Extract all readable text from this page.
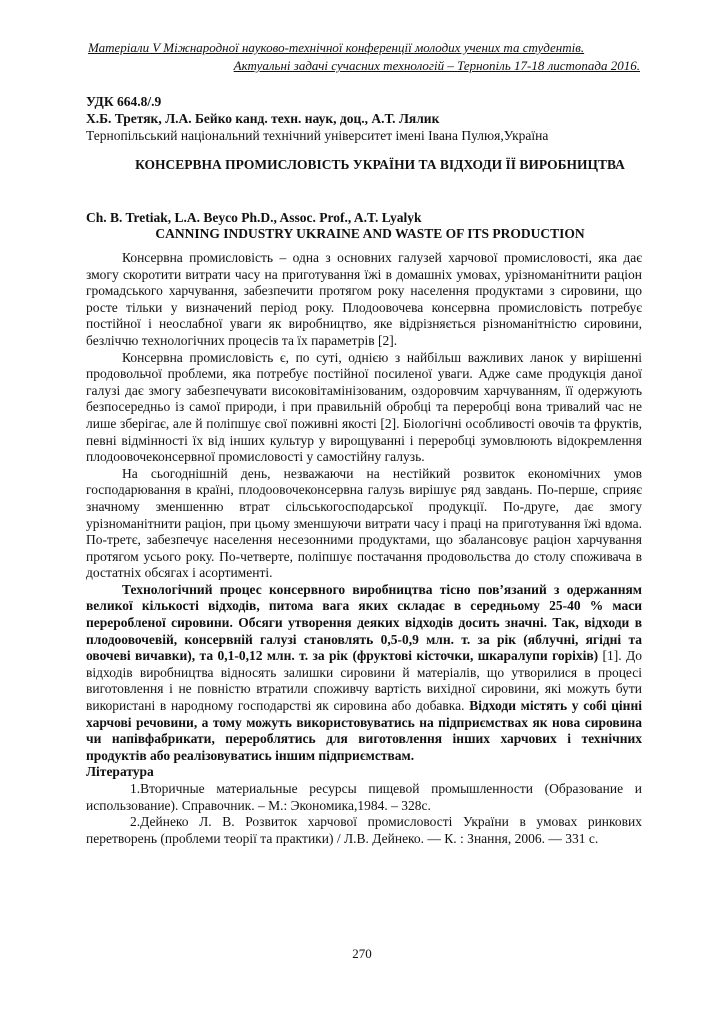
Матеріали V Міжнародної науково-технічної конференції молодих учених та студентів.
Актуальні задачі сучасних технологій – Тернопіль 17-18 листопада 2016.
УДК 664.8/.9
Х.Б. Третяк, Л.А. Бейко канд. техн. наук, доц., А.Т. Лялик
Тернопільський національний технічний університет імені Івана Пулюя,Україна
КОНСЕРВНА ПРОМИСЛОВІСТЬ УКРАЇНИ ТА ВІДХОДИ ЇЇ ВИРОБНИЦТВА
Ch. B. Tretiak, L.A. Beyco Ph.D., Assoc. Prof., A.T. Lyalyk
CANNING INDUSTRY UKRAINE AND WASTE OF ITS PRODUCTION

Консервна промисловість – одна з основних галузей харчової промисловості, яка дає змогу скоротити витрати часу на приготування їжі в домашніх умовах, урізноманітнити раціон громадського харчування, забезпечити протягом року населення продуктами з сировини, що росте тільки у визначений період року. Плодоовочева консервна промисловість потребує постійної і неослабної уваги як виробництво, яке відрізняється різноманітністю сировини, безліччю технологічних процесів та їх параметрів [2].

Консервна промисловість є, по суті, однією з найбільш важливих ланок у вирішенні продовольчої проблеми, яка потребує постійної посиленої уваги. Адже саме продукція даної галузі дає змогу забезпечувати високовітамінізованим, оздоровчим харчуванням, її одержують безпосередньо із самої природи, і при правильній обробці та переробці вона тривалий час не лише зберігає, але й поліпшує свої поживні якості [2]. Біологічні особливості овочів та фруктів, певні відмінності їх від інших культур у вирощуванні і переробці зумовлюють відокремлення плодоовочеконсервної промисловості у самостійну галузь.

На сьогоднішній день, незважаючи на нестійкий розвиток економічних умов господарювання в країні, плодоовочеконсервна галузь вирішує ряд завдань. По-перше, сприяє значному зменшенню втрат сільськогосподарської продукції. По-друге, дає змогу урізноманітнити раціон, при цьому зменшуючи витрати часу і праці на приготування їжі вдома. По-третє, забезпечує населення несезонними продуктами, що збалансовує раціон харчування протягом усього року. По-четверте, поліпшує постачання продовольства до столу споживача в достатніх обсягах і асортименті.

Технологічний процес консервного виробництва тісно пов’язаний з одержанням великої кількості відходів, питома вага яких складає в середньому 25-40 % маси переробленої сировини. Обсяги утворення деяких відходів досить значні. Так, відходи в плодоовочевій, консервній галузі становлять 0,5-0,9 млн. т. за рік (яблучні, ягідні та овочеві вичавки), та 0,1-0,12 млн. т. за рік (фруктові кісточки, шкаралупи горіхів) [1]. До відходів виробництва відносять залишки сировини й матеріалів, що утворилися в процесі виготовлення і не повністю втратили споживчу вартість вихідної сировини, які можуть бути використані в народному господарстві як сировина або добавка. Відходи містять у собі цінні харчові речовини, а тому можуть використовуватись на підприємствах як нова сировина чи напівфабрикати, перероблятись для виготовлення інших харчових і технічних продуктів або реалізовуватись іншим підприємствам.

Література

1.Вторичные материальные ресурсы пищевой промышленности (Образование и использование). Справочник. – М.: Экономика,1984. – 328с.

2.Дейнеко Л. В. Розвиток харчової промисловості України в умовах ринкових перетворень (проблеми теорії та практики) / Л.В. Дейнеко. — К. : Знання, 2006. — 331 с.

270
